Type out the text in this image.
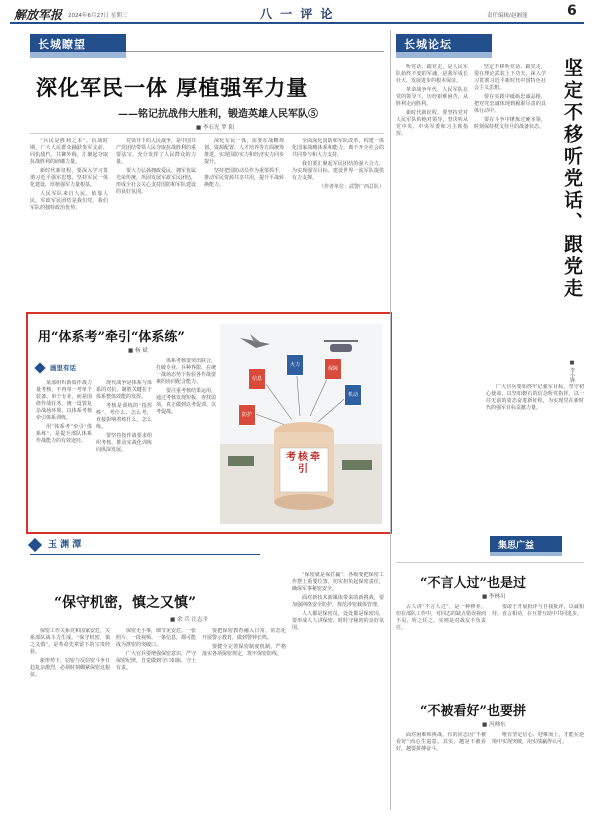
解放军报 2024年6月27日 星期三	八 一 评 论	责任编辑/赵湘蓬	6
长城瞭望
深化军民一体 厚植强军力量
——铭记抗战伟大胜利，锻造英雄人民军队⑤
■ 李石光 罗 阳

“兵民是胜利之本”。抗战时期，广大人民群众踊跃参军支前，同仇敌忾、共御外侮，汇聚起夺取抗战胜利的磅礴力量。

新时代新征程，要深入学习贯彻习近平强军思想，坚持军民一体化建设，厚植强军力量根基。

人民军队来自人民、依靠人民，军政军民团结是我们党、我们军队的独特政治优势。

党领导下的人民战争，是中国共产党团结带领人民夺取抗战胜利的重要法宝，充分发挥了人民群众的力量。

要大力弘扬拥政爱民、拥军优属光荣传统，巩固发展军政军民团结，形成全社会关心支持国防和军队建设的良好氛围。

深化军民一体，需要在战略规划、资源配置、人才培养等方面统筹推进，实现国防实力和经济实力同步提升。

坚持把国防动员作为重要抓手，推动军民资源共享共用，提升平战转换能力。

全面深化国防和军队改革，构建一体化国家战略体系和能力，离不开全社会的共同参与和大力支持。

我们要汇聚起军民团结的强大合力，为实现强军目标、建设世界一流军队提供有力支撑。

（作者单位：武警广西总队）

用“体系考”牵引“体系练”
■ 杨 斌
画里有话

某部组织新质作战力量考核，不再单一考单个装备、单个专业，而是围绕作战任务，统一设置复杂战场环境，以体系考核牵引体系训练。

用“体系考”牵引“体系练”，是提升部队体系作战能力的有效途径。

现代战争是体系与体系的对抗，制胜关键在于体系整体效能的发挥。

考核是训练的“指挥棒”，考什么、怎么考，直接影响着练什么、怎么练。

要坚持按作战要求组织考核，推动实战化训练向纵深发展。

体系考核要突出联合，打破专业、兵种界限，在统一战场态势下检验各作战要素的协同配合能力。

要注重考核结果运用，通过考核发现短板、查找弱项，真正做到以考促训、以考促战。

信息
火力
保障
机动
防护
考核牵引
玉 渊 潭
“保守机密，慎之又慎”
■ 余 兵 汪志平

保密工作关系党和国家安危，关系部队战斗力生成。“保守机密，慎之又慎”，是革命先辈留下的宝贵经验。

新形势下，窃密与反窃密斗争日趋复杂激烈，必须时刻绷紧保密这根弦。

保密无小事，细节见安危。一张照片、一段视频、一条信息，都可能成为泄密的突破口。

广大官兵要增强保密意识，严守保密纪律，自觉做到守口如瓶、守土有责。

要把保密教育融入日常，常态化开展警示教育，做到警钟长鸣。

要健全完善保密制度机制，严格落实各项保密规定，筑牢保密防线。

“保密就是保打赢”，各级要把保密工作摆上重要位置，切实担负起保密责任，确保军事秘密安全。

面对新技术新媒体带来的新挑战，要加强网络安全防护，规范涉密载体管理。

人人都是保密员，处处都是保密岗，要形成人人讲保密、时时守秘密的良好氛围。

长城论坛
坚定不移听党话、跟党走
■ 李小锋

听党话、跟党走，是人民军队始终不变的军魂，是我军成长壮大、发展进步的根本保证。

革命战争年代，人民军队在党的领导下，历经艰难困苦，从胜利走向胜利。

新时代新征程，要坚持党对人民军队的绝对领导，坚决听从党中央、中央军委和习主席指挥。

坚定不移听党话、跟党走，要在理论武装上下功夫，深入学习贯彻习近平新时代中国特色社会主义思想。

要在实践中砥砺忠诚品格，把对党忠诚体现到履职尽责的具体行动中。

要在斗争中锤炼过硬本领，时刻保持枕戈待旦的战备状态。

广大官兵要始终牢记强军目标，坚守初心使命，以坚如磐石的信念听党指挥，以一往无前的姿态奋进新征程，为实现党在新时代的强军目标贡献力量。

集思广益
“不言人过”也是过
■ 李林川

古人讲“不言人过”，是一种修养。但在部队工作中，对同志的缺点错误视而不见、听之任之，实则是对战友不负责任。

要敢于开展批评与自我批评，以诚相待、直言相劝，在互帮互助中共同进步。

“不被看好”也要拼
■ 冯帅东

面对困难和挑战，有的同志因“不被看好”而心生退意。其实，越是不被看好，越要拼搏奋斗。

唯有坚定信心、迎难而上，才能在逆境中实现突破，用实绩赢得认可。
